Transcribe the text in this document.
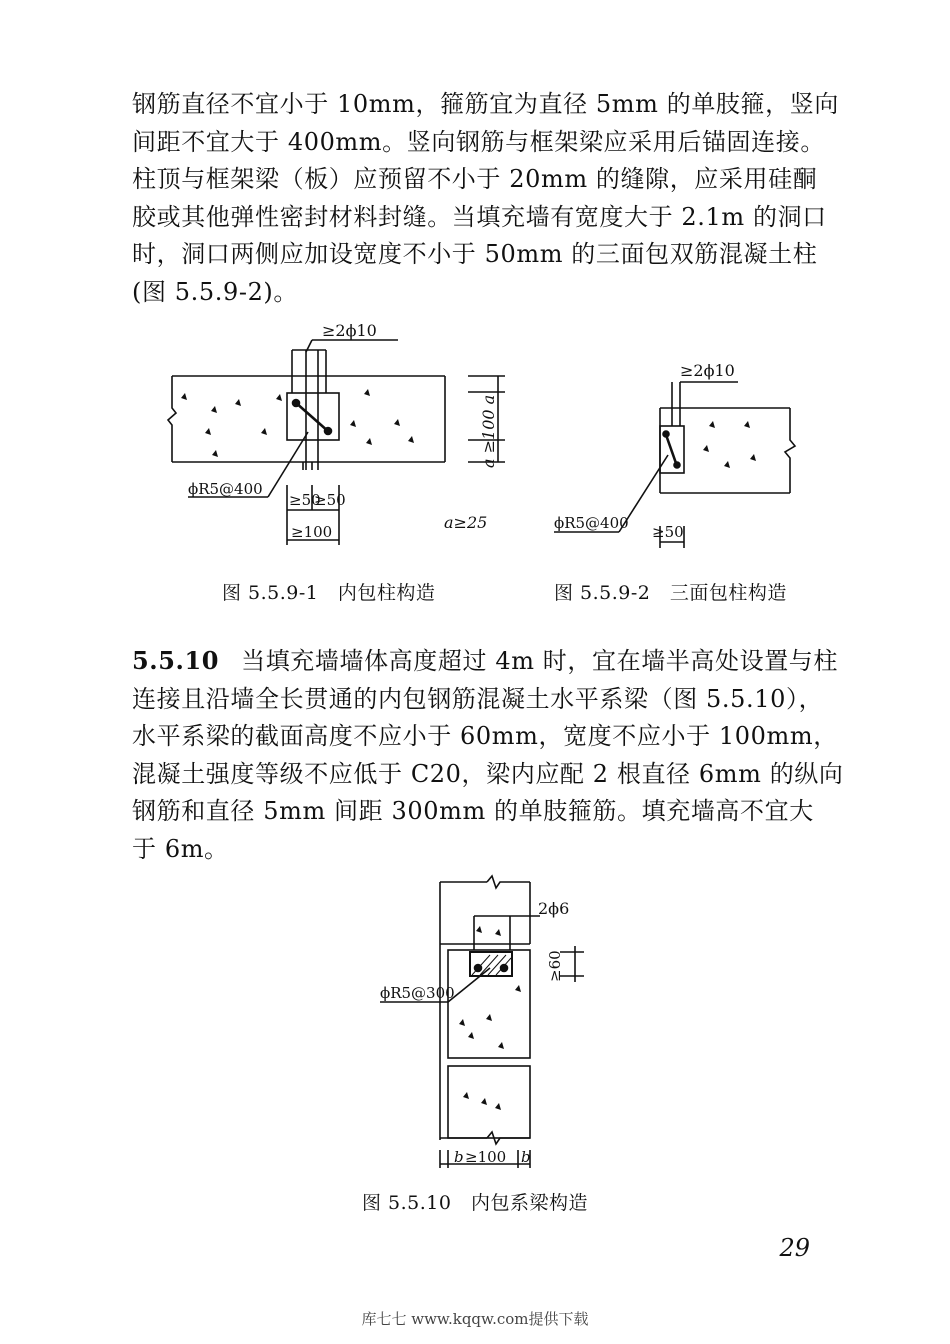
钢筋直径不宜小于 10mm，箍筋宜为直径 5mm 的单肢箍，竖向

间距不宜大于 400mm。竖向钢筋与框架梁应采用后锚固连接。

柱顶与框架梁（板）应预留不小于 20mm 的缝隙，应采用硅酮

胶或其他弹性密封材料封缝。当填充墙有宽度大于 2.1m 的洞口

时，洞口两侧应加设宽度不小于 50mm 的三面包双筋混凝土柱

(图 5.5.9-2)。

≥2ϕ10
a ≥100 a
ϕR5@400
≥50
≥50
≥100	a≥25
≥2ϕ10
ϕR5@400 ≥50
2ϕ6
≥60
ϕR5@300
b ≥100 b
图 5.5.9-1　内包柱构造	图 5.5.9-2　三面包柱构造

5.5.10 当填充墙墙体高度超过 4m 时，宜在墙半高处设置与柱

连接且沿墙全长贯通的内包钢筋混凝土水平系梁（图 5.5.10），

水平系梁的截面高度不应小于 60mm，宽度不应小于 100mm，

混凝土强度等级不应低于 C20，梁内应配 2 根直径 6mm 的纵向

钢筋和直径 5mm 间距 300mm 的单肢箍筋。填充墙高不宜大

于 6m。

图 5.5.10　内包系梁构造
29
库七七 www.kqqw.com提供下载
